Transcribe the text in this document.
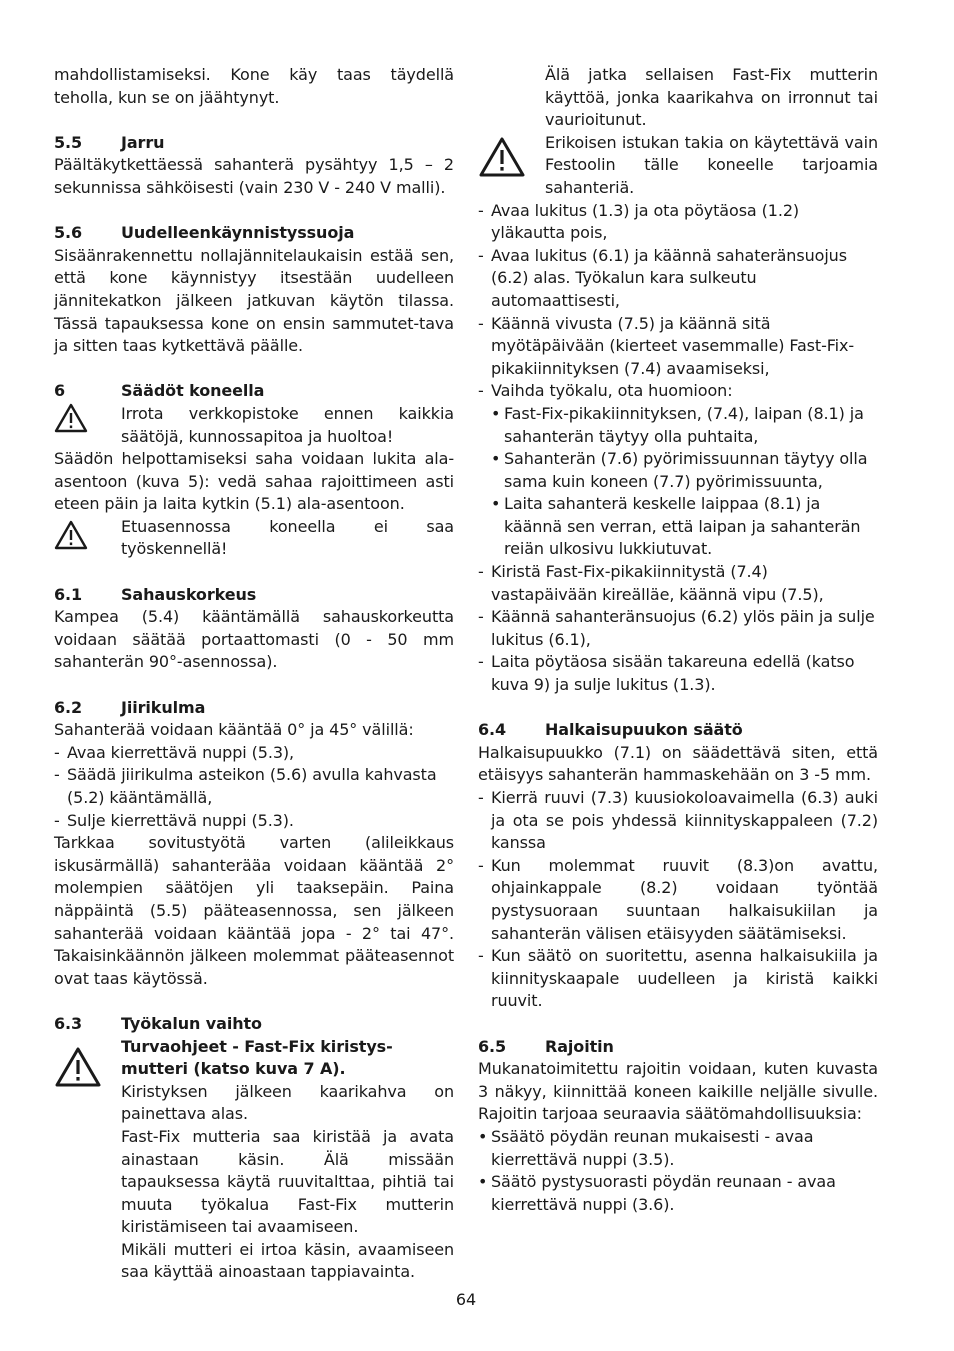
mahdollistamiseksi. Kone käy taas täydellä teholla, kun se on jäähtynyt.

5.5	Jarru

Päältäkytkettäessä sahanterä pysähtyy 1,5 – 2 sekunnissa sähköisesti (vain 230 V - 240 V malli).

5.6	Uudelleenkäynnistyssuoja

Sisäänrakennettu nollajännitelaukaisin estää sen, että kone käynnistyy itsestään uudelleen jännitekatkon jälkeen jatkuvan käytön tilassa. Tässä tapauksessa kone on ensin sammutet-tava ja sitten taas kytkettävä päälle.

6	Säädöt koneella

Irrota verkkopistoke ennen kaikkia säätöjä, kunnossapitoa ja huoltoa!

Säädön helpottamiseksi saha voidaan lukita ala-asentoon (kuva 5): vedä sahaa rajoittimeen asti eteen päin ja laita kytkin (5.1) ala-asentoon.

Etuasennossa koneella ei saa työskennellä!

6.1	Sahauskorkeus

Kampea (5.4) kääntämällä sahauskorkeutta voidaan säätää portaattomasti (0 - 50 mm sahanterän 90°-asennossa).

6.2	Jiirikulma

Sahanterää voidaan kääntää 0° ja 45° välillä:

- Avaa kierrettävä nuppi (5.3),

- Säädä jiirikulma asteikon (5.6) avulla kahvasta (5.2) kääntämällä,

- Sulje kierrettävä nuppi (5.3).

Tarkkaa sovitustyötä varten (alileikkaus iskusärmällä) sahanterääa voidaan kääntää 2° molempien säätöjen yli taaksepäin. Paina näppäintä (5.5) pääteasennossa, sen jälkeen sahanterää voidaan kääntää jopa - 2° tai 47°. Takaisinkäännön jälkeen molemmat pääteasennot ovat taas käytössä.

6.3	Työkalun vaihto

Turvaohjeet - Fast-Fix kiristys-mutteri (katso kuva 7 A).

Kiristyksen jälkeen kaarikahva on painettava alas.

Fast-Fix mutteria saa kiristää ja avata ainastaan käsin. Älä missään tapauksessa käytä ruuvitalttaa, pihtiä tai muuta työkalua Fast-Fix mutterin kiristämiseen tai avaamiseen.

Mikäli mutteri ei irtoa käsin, avaamiseen saa käyttää ainoastaan tappiavainta.

Älä jatka sellaisen Fast-Fix mutterin käyttöä, jonka kaarikahva on irronnut tai vaurioitunut.

Erikoisen istukan takia on käytettävä vain Festoolin tälle koneelle tarjoamia sahanteriä.

- Avaa lukitus (1.3) ja ota pöytäosa (1.2) yläkautta pois,

- Avaa lukitus (6.1) ja käännä sahateränsuojus (6.2) alas. Työkalun kara sulkeutu automaattisesti,

- Käännä vivusta (7.5) ja käännä sitä myötäpäivään (kierteet vasemmalle) Fast-Fix-pikakiinnityksen (7.4) avaamiseksi,

- Vaihda työkalu, ota huomioon:

• Fast-Fix-pikakiinnityksen, (7.4), laipan (8.1) ja sahanterän täytyy olla puhtaita,

• Sahanterän (7.6) pyörimissuunnan täytyy olla sama kuin koneen (7.7) pyörimissuunta,

• Laita sahanterä keskelle laippaa (8.1) ja käännä sen verran, että laipan ja sahanterän reiän ulkosivu lukkiutuvat.

- Kiristä Fast-Fix-pikakiinnitystä (7.4) vastapäivään kireälläe, käännä vipu (7.5),

- Käännä sahanteränsuojus (6.2) ylös päin ja sulje lukitus (6.1),

- Laita pöytäosa sisään takareuna edellä (katso kuva 9) ja sulje lukitus (1.3).

6.4	Halkaisupuukon säätö

Halkaisupuukko (7.1) on säädettävä siten, että etäisyys sahanterän hammaskehään on 3 -5 mm.

- Kierrä ruuvi (7.3) kuusiokoloavaimella (6.3) auki ja ota se pois yhdessä kiinnityskappaleen (7.2) kanssa

- Kun molemmat ruuvit (8.3)on avattu, ohjainkappale (8.2) voidaan työntää pystysuoraan suuntaan halkaisukiilan ja sahanterän välisen etäisyyden säätämiseksi.

- Kun säätö on suoritettu, asenna halkaisukiila ja kiinnityskaapale uudelleen ja kiristä kaikki ruuvit.

6.5	Rajoitin

Mukanatoimitettu rajoitin voidaan, kuten kuvasta 3 näkyy, kiinnittää koneen kaikille neljälle sivulle. Rajoitin tarjoaa seuraavia säätömahdollisuuksia:

• Ssäätö pöydän reunan mukaisesti - avaa kierrettävä nuppi (3.5).

• Säätö pystysuorasti pöydän reunaan - avaa kierrettävä nuppi (3.6).

64
